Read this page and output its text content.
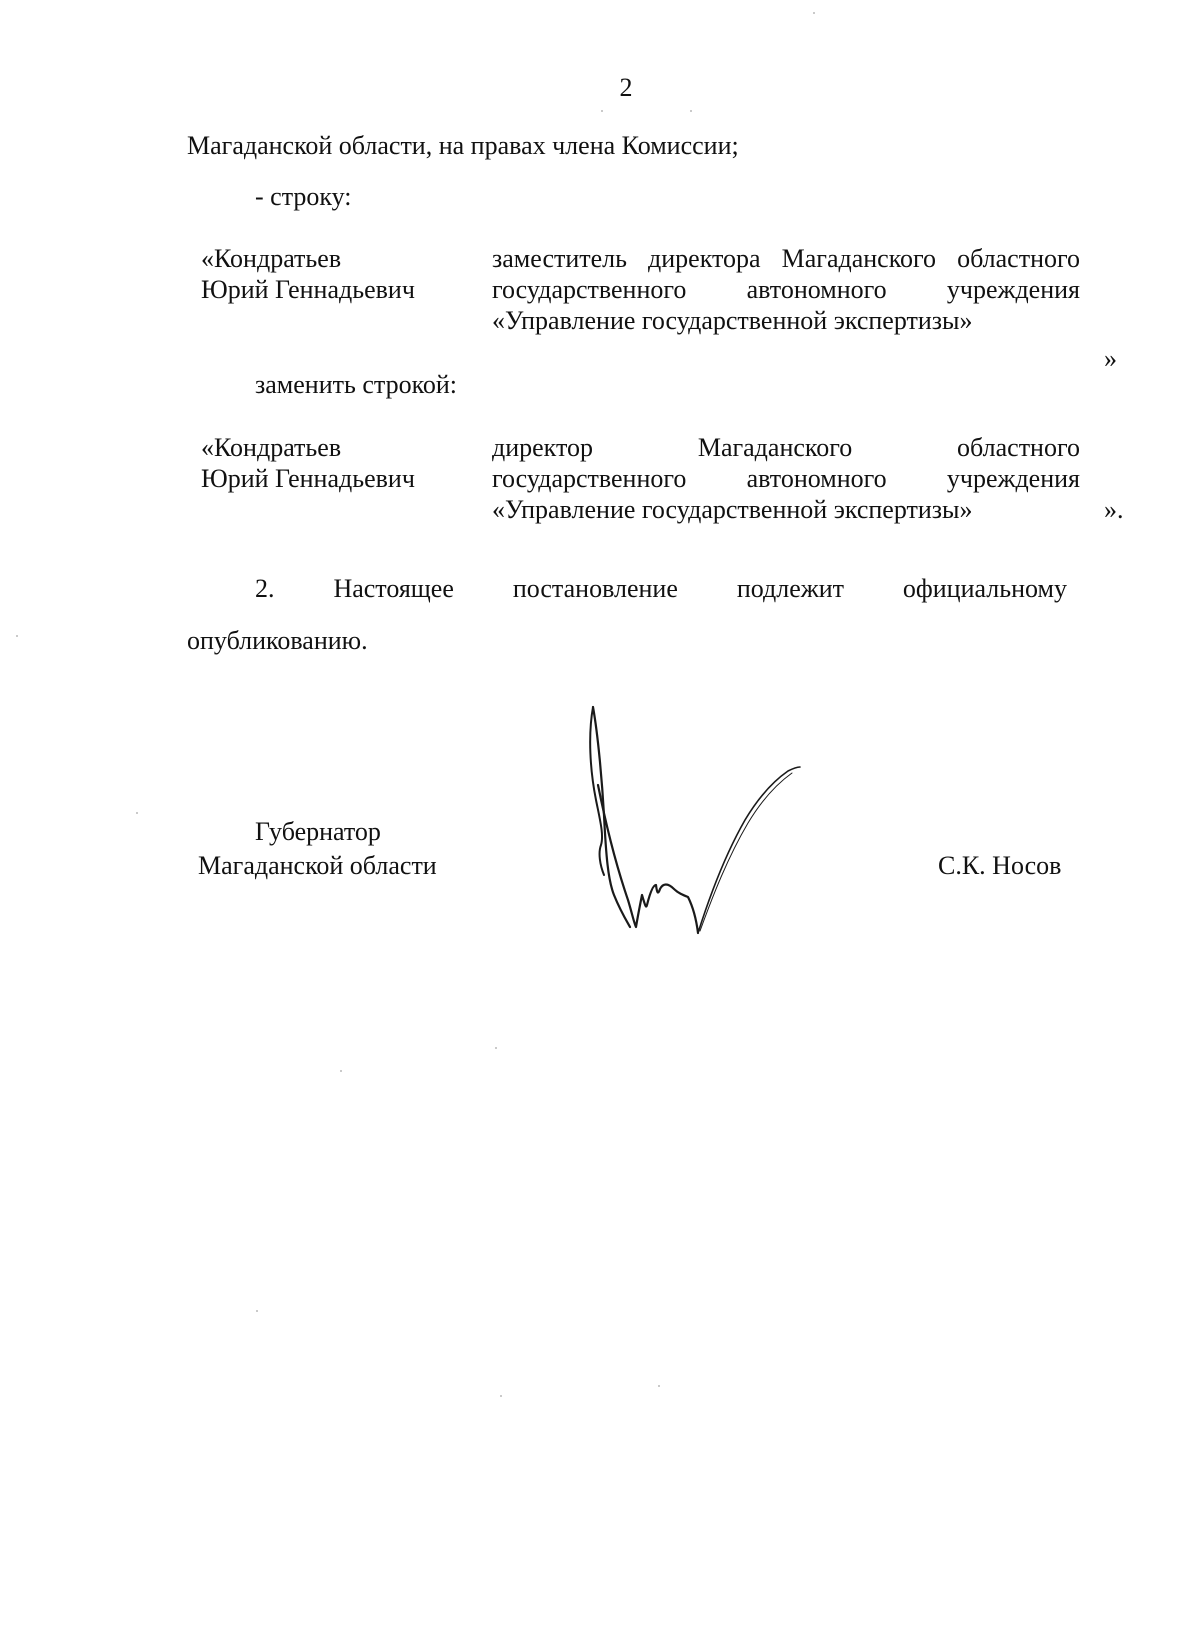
2
Магаданской области, на правах члена Комиссии;
- строку:
«Кондратьев
Юрий Геннадьевич
заместитель директора Магаданского областного
государственного автономного учреждения
«Управление государственной экспертизы»
»
заменить строкой:
«Кондратьев
Юрий Геннадьевич
директор Магаданского областного
государственного автономного учреждения
«Управление государственной экспертизы»	».
2. Настоящее постановление подлежит официальному
опубликованию.
Губернатор
Магаданской области	С.К. Носов
